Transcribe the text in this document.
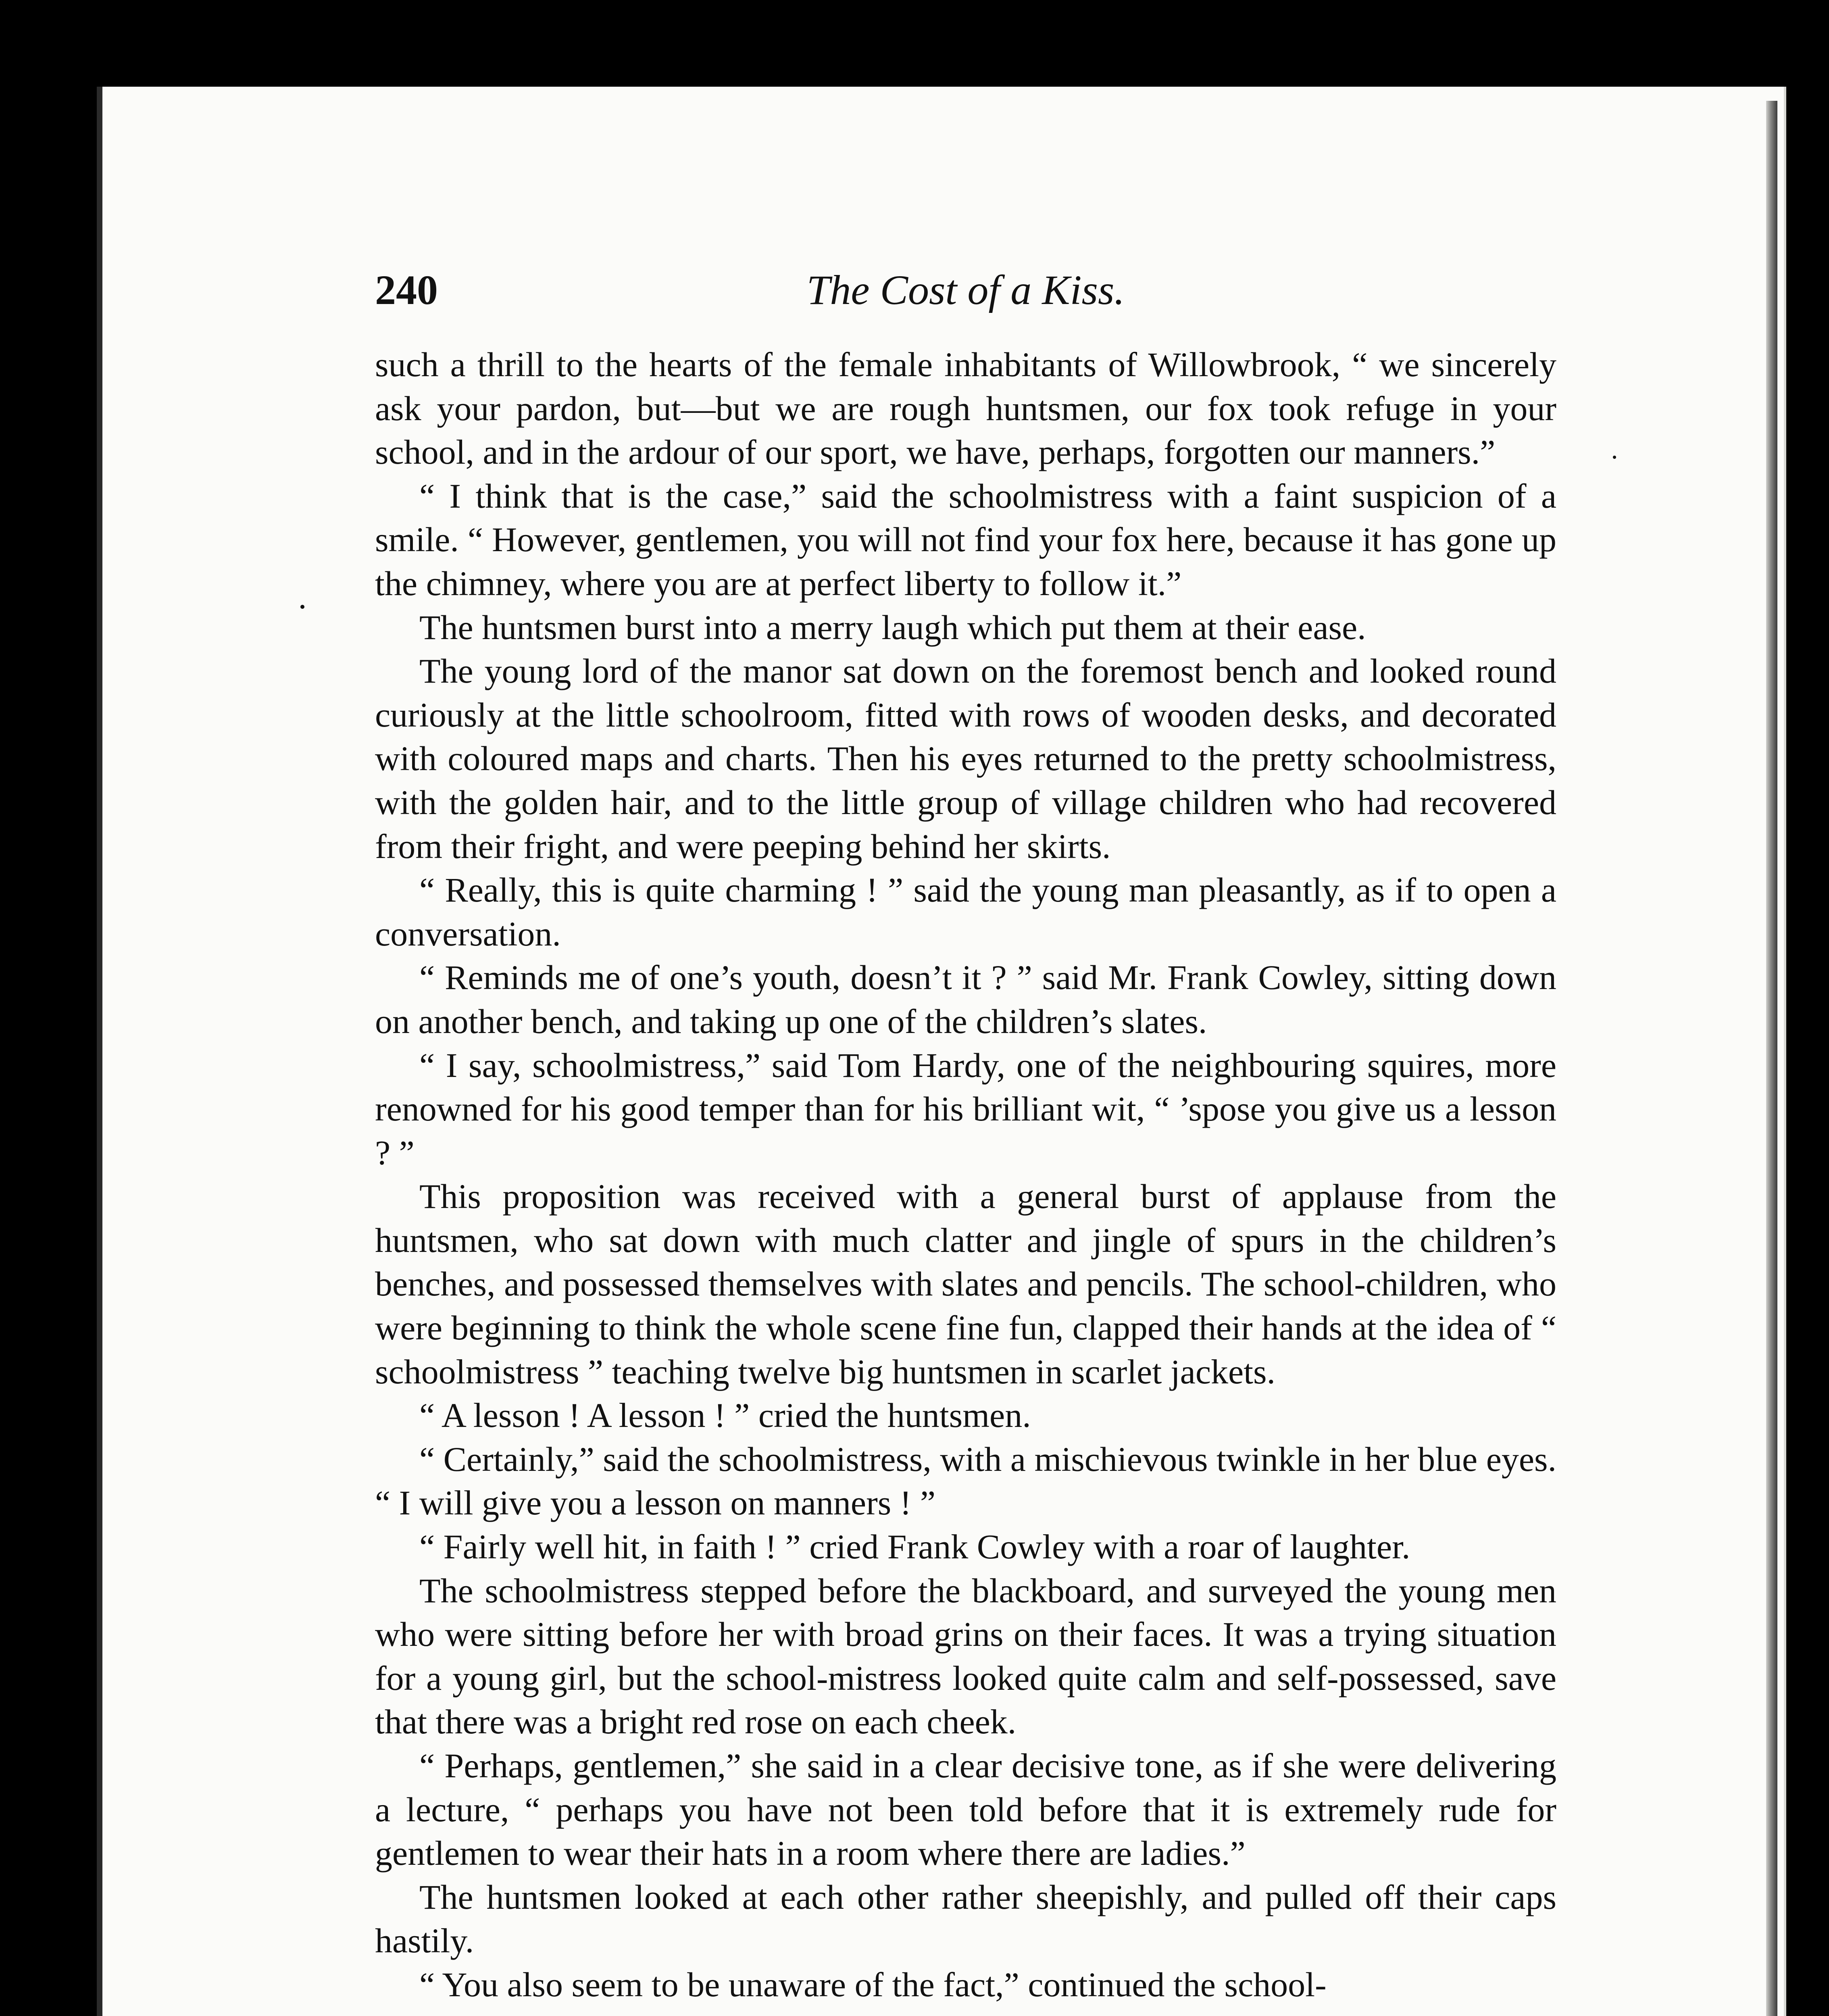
240	The Cost of a Kiss.

such a thrill to the hearts of the female inhabitants of Willowbrook, “ we sincerely ask your pardon, but—but we are rough huntsmen, our fox took refuge in your school, and in the ardour of our sport, we have, perhaps, forgotten our manners.”

“ I think that is the case,” said the schoolmistress with a faint suspicion of a smile. “ However, gentlemen, you will not find your fox here, because it has gone up the chimney, where you are at perfect liberty to follow it.”

The huntsmen burst into a merry laugh which put them at their ease.

The young lord of the manor sat down on the foremost bench and looked round curiously at the little schoolroom, fitted with rows of wooden desks, and decorated with coloured maps and charts. Then his eyes returned to the pretty schoolmistress, with the golden hair, and to the little group of village children who had recovered from their fright, and were peeping behind her skirts.

“ Really, this is quite charming ! ” said the young man pleasantly, as if to open a conversation.

“ Reminds me of one’s youth, doesn’t it ? ” said Mr. Frank Cowley, sitting down on another bench, and taking up one of the children’s slates.

“ I say, schoolmistress,” said Tom Hardy, one of the neighbouring squires, more renowned for his good temper than for his brilliant wit, “ ’spose you give us a lesson ? ”

This proposition was received with a general burst of applause from the huntsmen, who sat down with much clatter and jingle of spurs in the children’s benches, and possessed themselves with slates and pencils. The school-children, who were beginning to think the whole scene fine fun, clapped their hands at the idea of “ schoolmistress ” teaching twelve big huntsmen in scarlet jackets.

“ A lesson ! A lesson ! ” cried the huntsmen.

“ Certainly,” said the schoolmistress, with a mischievous twinkle in her blue eyes. “ I will give you a lesson on manners ! ”

“ Fairly well hit, in faith ! ” cried Frank Cowley with a roar of laughter.

The schoolmistress stepped before the blackboard, and surveyed the young men who were sitting before her with broad grins on their faces. It was a trying situation for a young girl, but the school-mistress looked quite calm and self-possessed, save that there was a bright red rose on each cheek.

“ Perhaps, gentlemen,” she said in a clear decisive tone, as if she were delivering a lecture, “ perhaps you have not been told before that it is extremely rude for gentlemen to wear their hats in a room where there are ladies.”

The huntsmen looked at each other rather sheepishly, and pulled off their caps hastily.

“ You also seem to be unaware of the fact,” continued the school-
